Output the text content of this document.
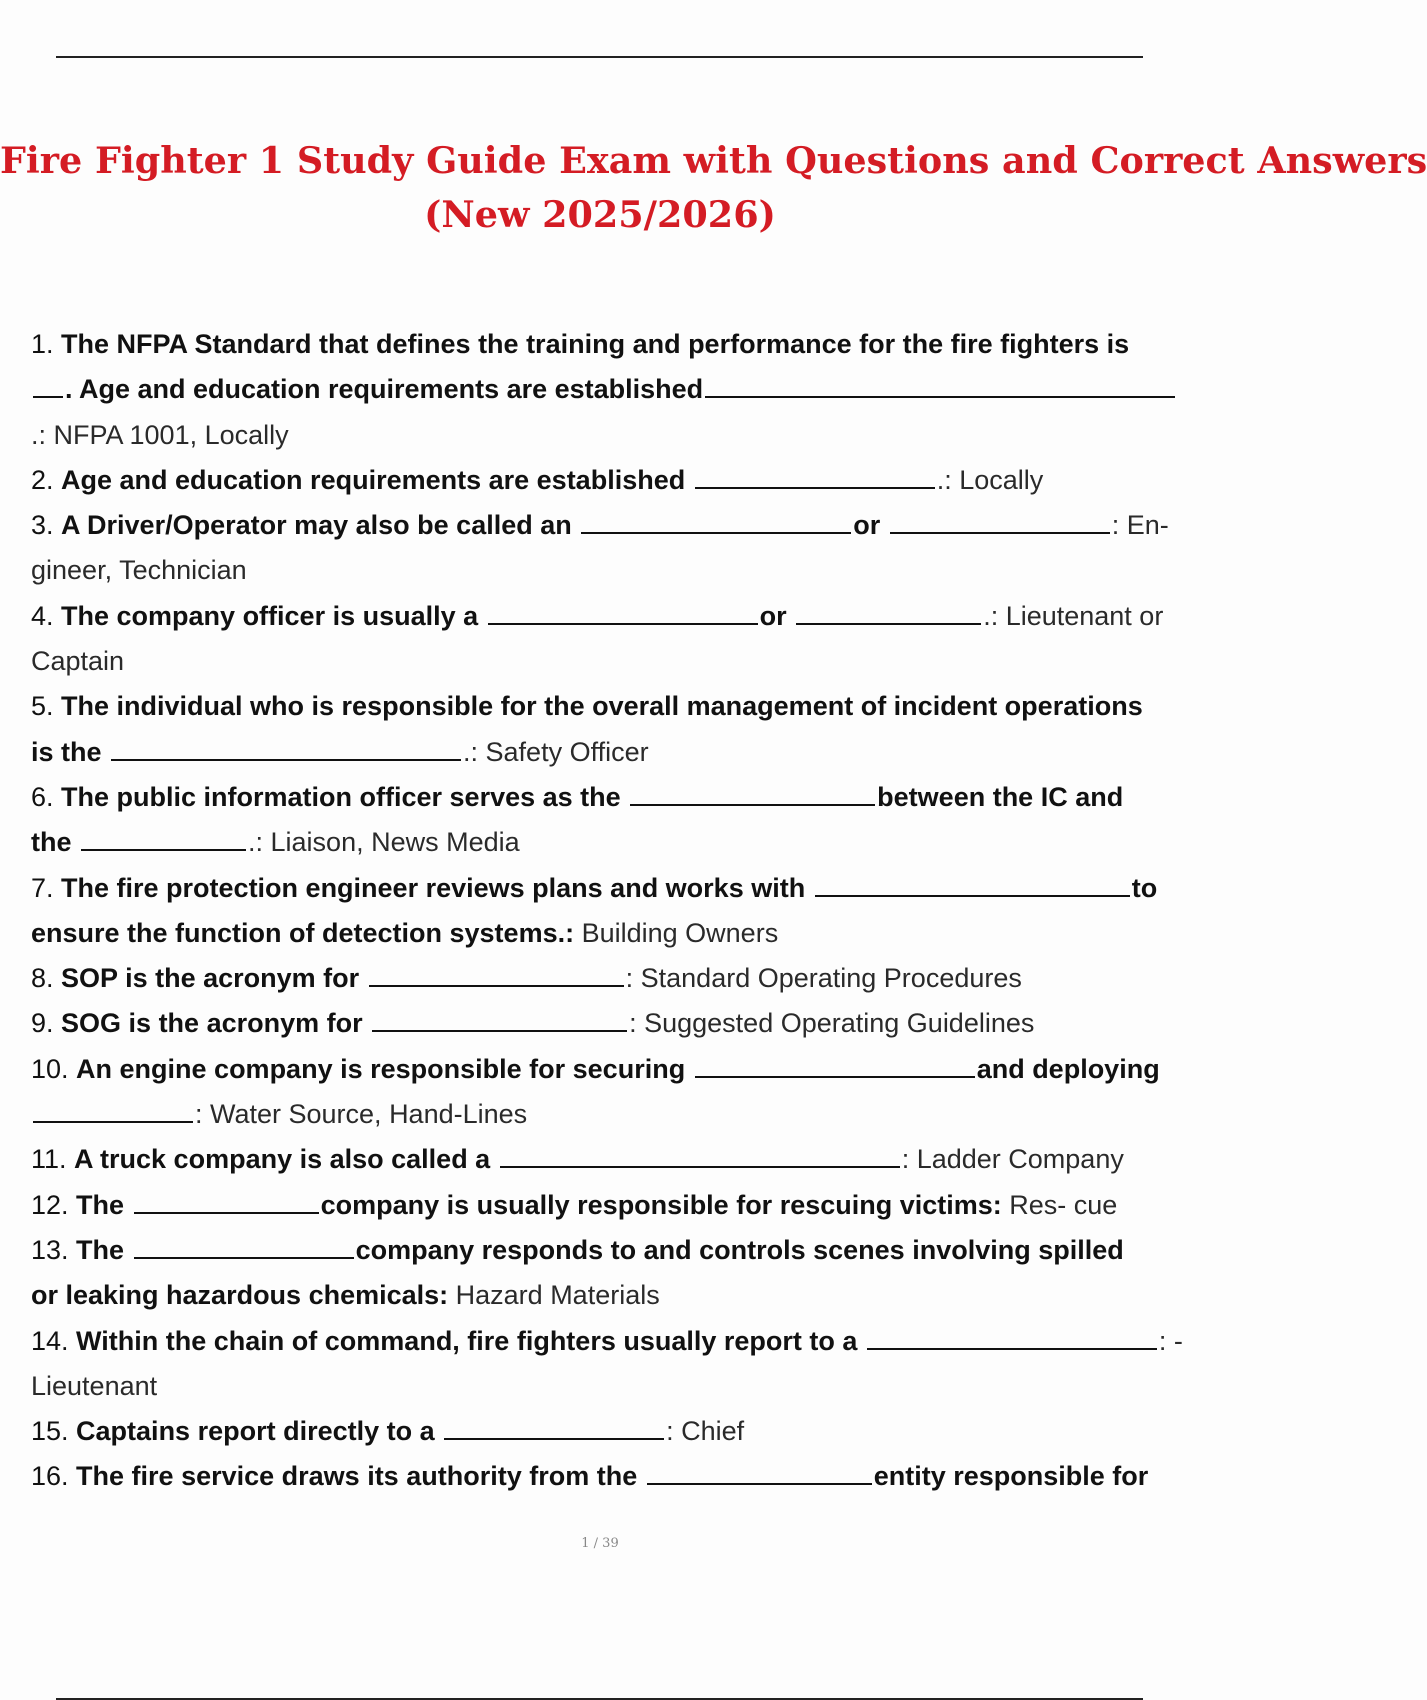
Fire Fighter 1 Study Guide Exam with Questions and Correct Answers
(New 2025/2026)
1. The NFPA Standard that defines the training and performance for the fire fighters is
. Age and education requirements are established
.: NFPA 1001, Locally
2. Age and education requirements are established	.: Locally
3. A Driver/Operator may also be called an	or	: En-
gineer, Technician
4. The company officer is usually a	or	.: Lieutenant or
Captain
5. The individual who is responsible for the overall management of incident operations
is the	.: Safety Officer
6. The public information officer serves as the	between the IC and
the	.: Liaison, News Media
7. The fire protection engineer reviews plans and works with	to
ensure the function of detection systems.: Building Owners
8. SOP is the acronym for	: Standard Operating Procedures
9. SOG is the acronym for	: Suggested Operating Guidelines
10. An engine company is responsible for securing	and deploying
: Water Source, Hand-Lines
11. A truck company is also called a	: Ladder Company
12. The	company is usually responsible for rescuing victims: Res- cue
13. The	company responds to and controls scenes involving spilled
or leaking hazardous chemicals: Hazard Materials
14. Within the chain of command, fire fighters usually report to a	: -
Lieutenant
15. Captains report directly to a	: Chief
16. The fire service draws its authority from the	entity responsible for
1 / 39
